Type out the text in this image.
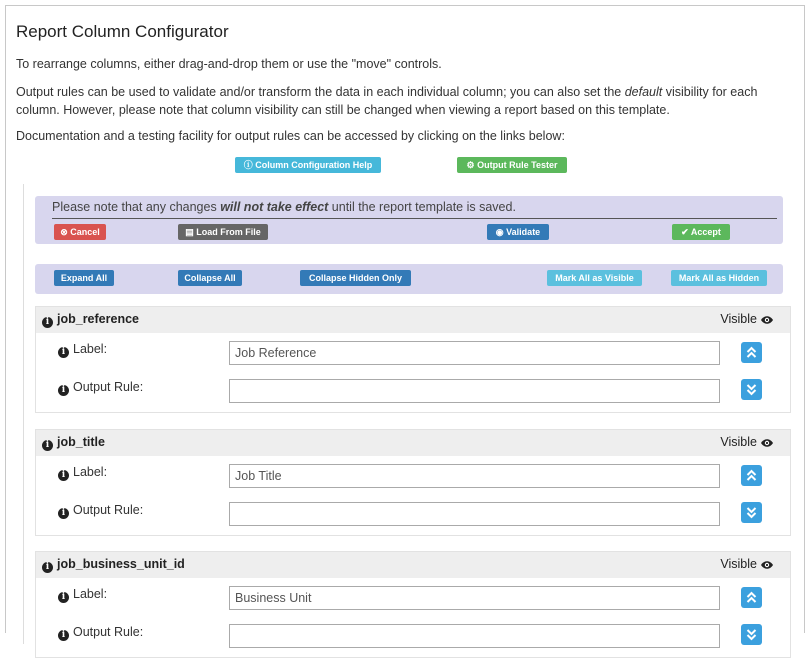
Report Column Configurator
To rearrange columns, either drag-and-drop them or use the "move" controls.
Output rules can be used to validate and/or transform the data in each individual column; you can also set the default visibility for each column. However, please note that column visibility can still be changed when viewing a report based on this template.
Documentation and a testing facility for output rules can be accessed by clicking on the links below:
ⓘ Column Configuration Help	⚙ Output Rule Tester
Please note that any changes will not take effect until the report template is saved.
⊗ Cancel	▤ Load From File	◉ Validate	✔ Accept
Expand All	Collapse All	Collapse Hidden Only	Mark All as Visible	Mark All as Hidden
i job_reference	Visible
i Label:	Job Reference
i Output Rule:
i job_title	Visible
i Label:	Job Title
i Output Rule:
i job_business_unit_id	Visible
i Label:	Business Unit
i Output Rule:
